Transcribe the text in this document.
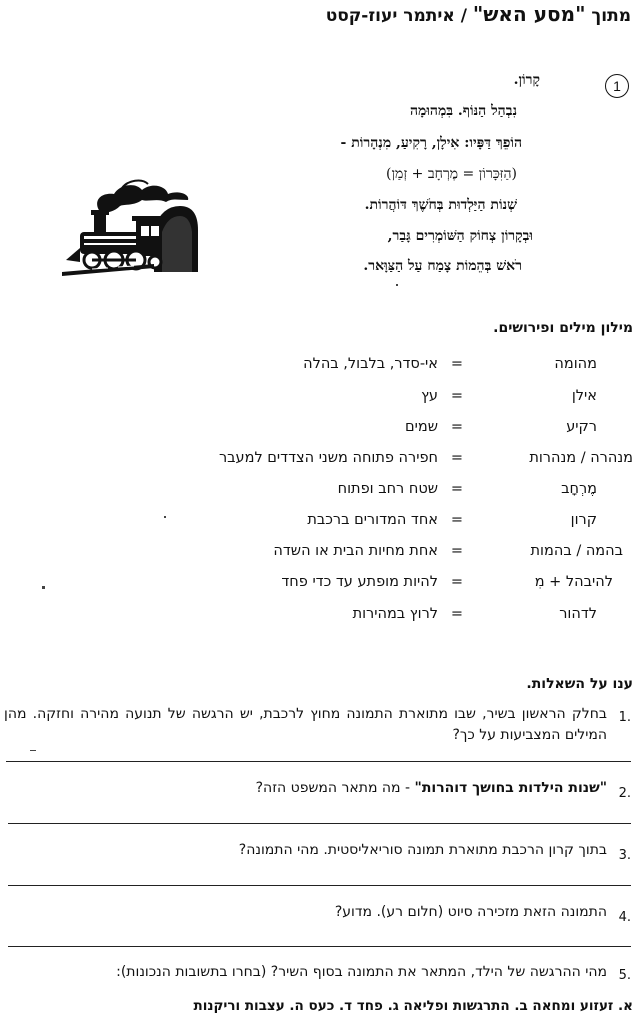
מתוך "מסע האש" / איתמר יעוז-קסט
1
קָרוֹן.
נִבְהַל הַנּוֹף. בִּמְהוּמָה
הוֹפֵךְ דַּפָּיו: אִילָן, רָקִיעַ, מִנְהָרוֹת -
(הַזִּכָּרוֹן = מֶרְחָב + זְמַן)
שְׁנוֹת הַיַּלְדוּת בְּחֹשֶׁךְ דּוֹהֲרוֹת.
וּבְקָרוֹן צְחוֹק הַשּׁוֹמְרִים גָּבַר,
רֹאשׁ בְּהֵמוֹת צָמַח עַל הַצַּוָּאר.
מילון מילים ופירושים.
מהומה
=
אי-סדר, בלבול, בהלה
אילן
=
עץ
רקיע
=
שמים
מנהרה / מנהרות
=
חפירה פתוחה משני הצדדים למעבר
מֶרְחָב
=
שטח רחב ופתוח
קרון
=
אחד המדורים ברכבת
בהמה / בהמות
=
אחת מחיות הבית או השדה
להיבהל + מִ
=
להיות מופתע עד כדי פחד
לדהור
=
לרוץ במהירות
ענו על השאלות.
.1
בחלק הראשון בשיר, שבו מתוארת התמונה מחוץ לרכבת, יש הרגשה של תנועה מהירה וחזקה. מהן המילים המצביעות על כך?
.2
"שנות הילדות בחושך דוהרות" - מה מתאר המשפט הזה?
.3
בתוך קרון הרכבת מתוארת תמונה סוריאליסטית. מהי התמונה?
.4
התמונה הזאת מזכירה סיוט (חלום רע). מדוע?
.5
מהי ההרגשה של הילד, המתאר את התמונה בסוף השיר? (בחרו בתשובות הנכונות):
א. זעזוע ומחאה ב. התרגשות ופליאה ג. פחד ד. כעס ה. עצבות וריקנות
